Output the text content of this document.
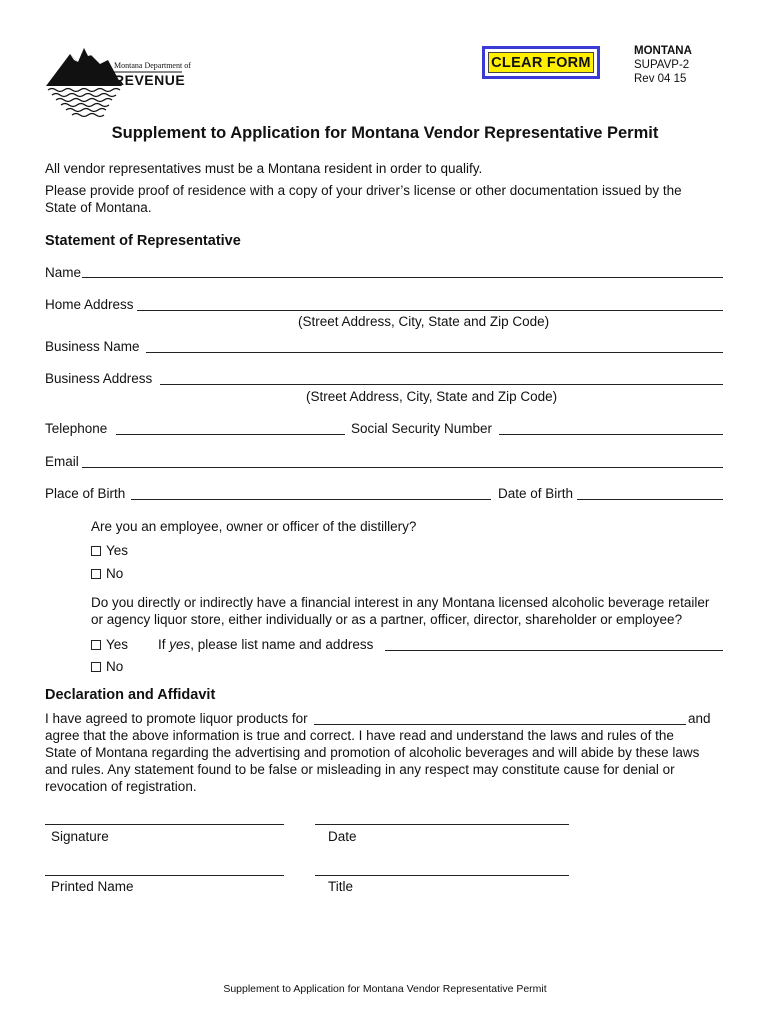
Montana Department of
REVENUE
CLEAR FORM
MONTANA
SUPAVP-2
Rev 04 15
Supplement to Application for Montana Vendor Representative Permit
All vendor representatives must be a Montana resident in order to qualify.
Please provide proof of residence with a copy of your driver’s license or other documentation issued by the
State of Montana.
Statement of Representative
Name
Home Address
(Street Address, City, State and Zip Code)
Business Name
Business Address
(Street Address, City, State and Zip Code)
Telephone	Social Security Number
Email
Place of Birth	Date of Birth
Are you an employee, owner or officer of the distillery?
Yes
No
Do you directly or indirectly have a financial interest in any Montana licensed alcoholic beverage retailer
or agency liquor store, either individually or as a partner, officer, director, shareholder or employee?
Yes If yes, please list name and address
No
Declaration and Affidavit
I have agreed to promote liquor products for	and
agree that the above information is true and correct. I have read and understand the laws and rules of the
State of Montana regarding the advertising and promotion of alcoholic beverages and will abide by these laws
and rules. Any statement found to be false or misleading in any respect may constitute cause for denial or
revocation of registration.
Signature	Date
Printed Name	Title
Supplement to Application for Montana Vendor Representative Permit
